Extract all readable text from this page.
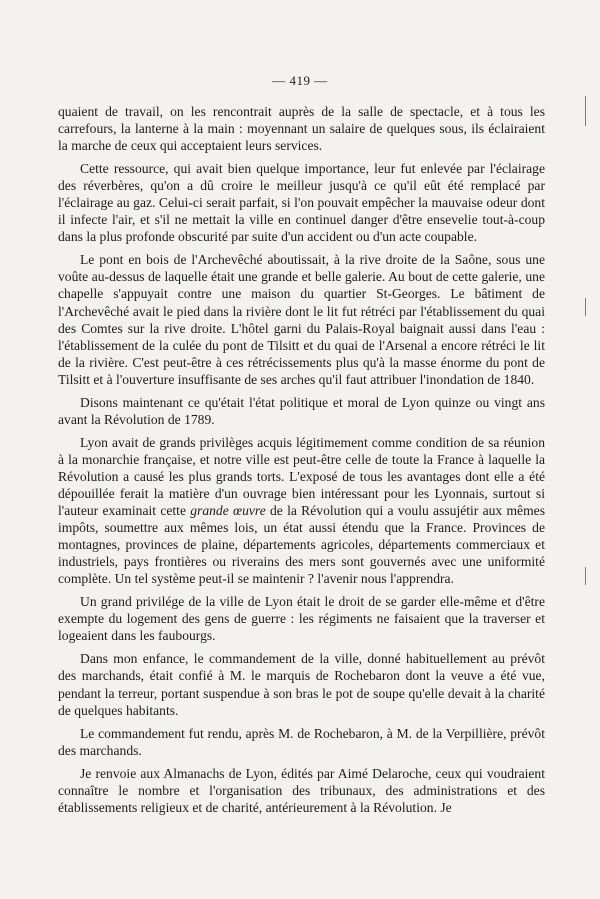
— 419 —

quaient de travail, on les rencontrait auprès de la salle de spectacle, et à tous les carrefours, la lanterne à la main : moyennant un salaire de quelques sous, ils éclairaient la marche de ceux qui acceptaient leurs services.

Cette ressource, qui avait bien quelque importance, leur fut enlevée par l'éclairage des réverbères, qu'on a dû croire le meilleur jusqu'à ce qu'il eût été remplacé par l'éclairage au gaz. Celui-ci serait parfait, si l'on pouvait empêcher la mauvaise odeur dont il infecte l'air, et s'il ne mettait la ville en continuel danger d'être ensevelie tout-à-coup dans la plus profonde obscurité par suite d'un accident ou d'un acte coupable.

Le pont en bois de l'Archevêché aboutissait, à la rive droite de la Saône, sous une voûte au-dessus de laquelle était une grande et belle galerie. Au bout de cette galerie, une chapelle s'appuyait contre une maison du quartier St-Georges. Le bâtiment de l'Archevêché avait le pied dans la rivière dont le lit fut rétréci par l'établissement du quai des Comtes sur la rive droite. L'hôtel garni du Palais-Royal baignait aussi dans l'eau : l'établissement de la culée du pont de Tilsitt et du quai de l'Arsenal a encore rétréci le lit de la rivière. C'est peut-être à ces rétrécissements plus qu'à la masse énorme du pont de Tilsitt et à l'ouverture insuffisante de ses arches qu'il faut attribuer l'inondation de 1840.

Disons maintenant ce qu'était l'état politique et moral de Lyon quinze ou vingt ans avant la Révolution de 1789.

Lyon avait de grands privilèges acquis légitimement comme condition de sa réunion à la monarchie française, et notre ville est peut-être celle de toute la France à laquelle la Révolution a causé les plus grands torts. L'exposé de tous les avantages dont elle a été dépouillée ferait la matière d'un ouvrage bien intéressant pour les Lyonnais, surtout si l'auteur examinait cette grande œuvre de la Révolution qui a voulu assujétir aux mêmes impôts, soumettre aux mêmes lois, un état aussi étendu que la France. Provinces de montagnes, provinces de plaine, départements agricoles, départements commerciaux et industriels, pays frontières ou riverains des mers sont gouvernés avec une uniformité complète. Un tel système peut-il se maintenir ? l'avenir nous l'apprendra.

Un grand privilége de la ville de Lyon était le droit de se garder elle-même et d'être exempte du logement des gens de guerre : les régiments ne faisaient que la traverser et logeaient dans les faubourgs.

Dans mon enfance, le commandement de la ville, donné habituellement au prévôt des marchands, était confié à M. le marquis de Rochebaron dont la veuve a été vue, pendant la terreur, portant suspendue à son bras le pot de soupe qu'elle devait à la charité de quelques habitants.

Le commandement fut rendu, après M. de Rochebaron, à M. de la Verpillière, prévôt des marchands.

Je renvoie aux Almanachs de Lyon, édités par Aimé Delaroche, ceux qui voudraient connaître le nombre et l'organisation des tribunaux, des administrations et des établissements religieux et de charité, antérieurement à la Révolution. Je
